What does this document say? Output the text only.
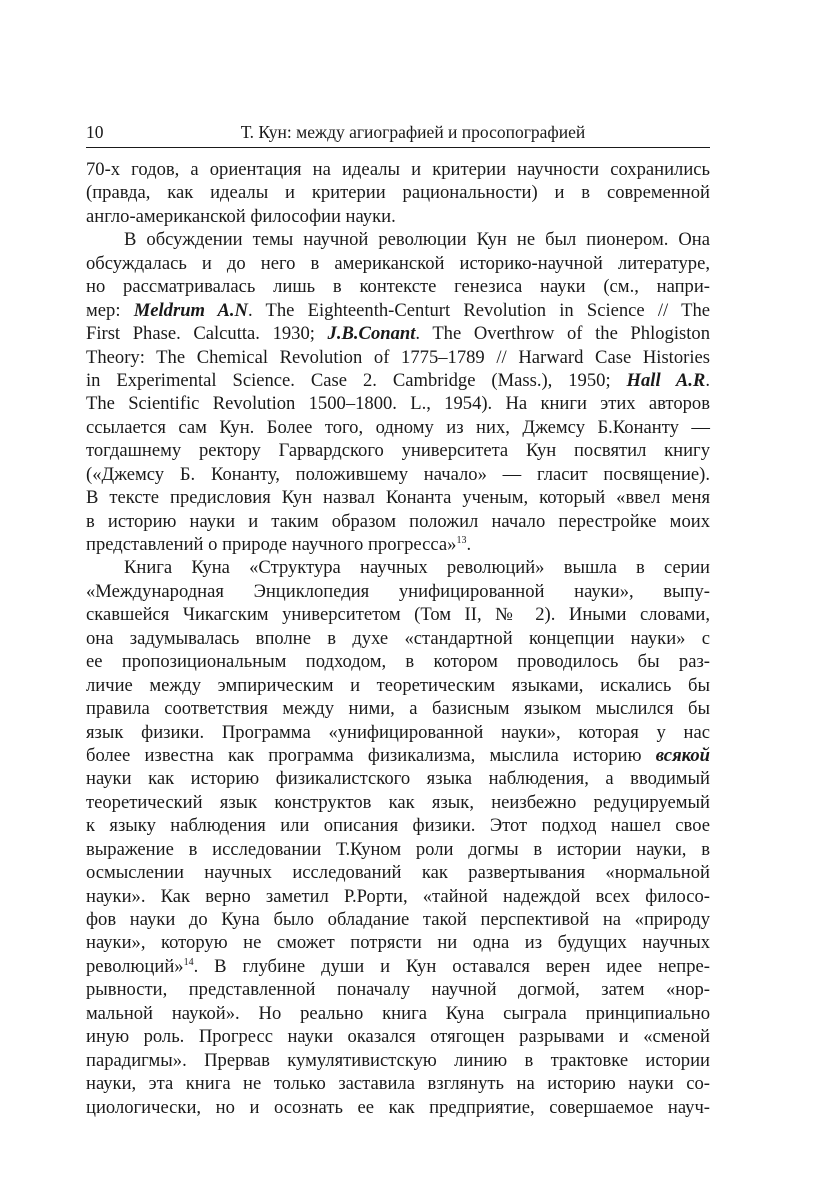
10	Т. Кун: между агиографией и просопографией
70-х годов, а ориентация на идеалы и критерии научности сохранились
(правда, как идеалы и критерии рациональности) и в современной
англо-американской философии науки.
В обсуждении темы научной революции Кун не был пионером. Она
обсуждалась и до него в американской историко-научной литературе,
но рассматривалась лишь в контексте генезиса науки (см., напри-
мер: Meldrum A.N. The Eighteenth-Centurt Revolution in Science // The
First Phase. Calcutta. 1930; J.B.Conant. The Overthrow of the Phlogiston
Theory: The Chemical Revolution of 1775–1789 // Harward Case Histories
in Experimental Science. Case 2. Cambridge (Mass.), 1950; Hall A.R.
The Scientific Revolution 1500–1800. L., 1954). На книги этих авторов
ссылается сам Кун. Более того, одному из них, Джемсу Б.Конанту —
тогдашнему ректору Гарвардского университета Кун посвятил книгу
(«Джемсу Б. Конанту, положившему начало» — гласит посвящение).
В тексте предисловия Кун назвал Конанта ученым, который «ввел меня
в историю науки и таким образом положил начало перестройке моих
представлений о природе научного прогресса»$^{13}$.
Книга Куна «Структура научных революций» вышла в серии
«Международная Энциклопедия унифицированной науки», выпу-
скавшейся Чикагским университетом (Том II, № 2). Иными словами,
она задумывалась вполне в духе «стандартной концепции науки» с
ее пропозициональным подходом, в котором проводилось бы раз-
личие между эмпирическим и теоретическим языками, искались бы
правила соответствия между ними, а базисным языком мыслился бы
язык физики. Программа «унифицированной науки», которая у нас
более известна как программа физикализма, мыслила историю всякой
науки как историю физикалистского языка наблюдения, а вводимый
теоретический язык конструктов как язык, неизбежно редуцируемый
к языку наблюдения или описания физики. Этот подход нашел свое
выражение в исследовании Т.Куном роли догмы в истории науки, в
осмыслении научных исследований как развертывания «нормальной
науки». Как верно заметил Р.Рорти, «тайной надеждой всех филосо-
фов науки до Куна было обладание такой перспективой на «природу
науки», которую не сможет потрясти ни одна из будущих научных
революций»$^{14}$. В глубине души и Кун оставался верен идее непре-
рывности, представленной поначалу научной догмой, затем «нор-
мальной наукой». Но реально книга Куна сыграла принципиально
иную роль. Прогресс науки оказался отягощен разрывами и «сменой
парадигмы». Прервав кумулятивистскую линию в трактовке истории
науки, эта книга не только заставила взглянуть на историю науки со-
циологически, но и осознать ее как предприятие, совершаемое науч-
